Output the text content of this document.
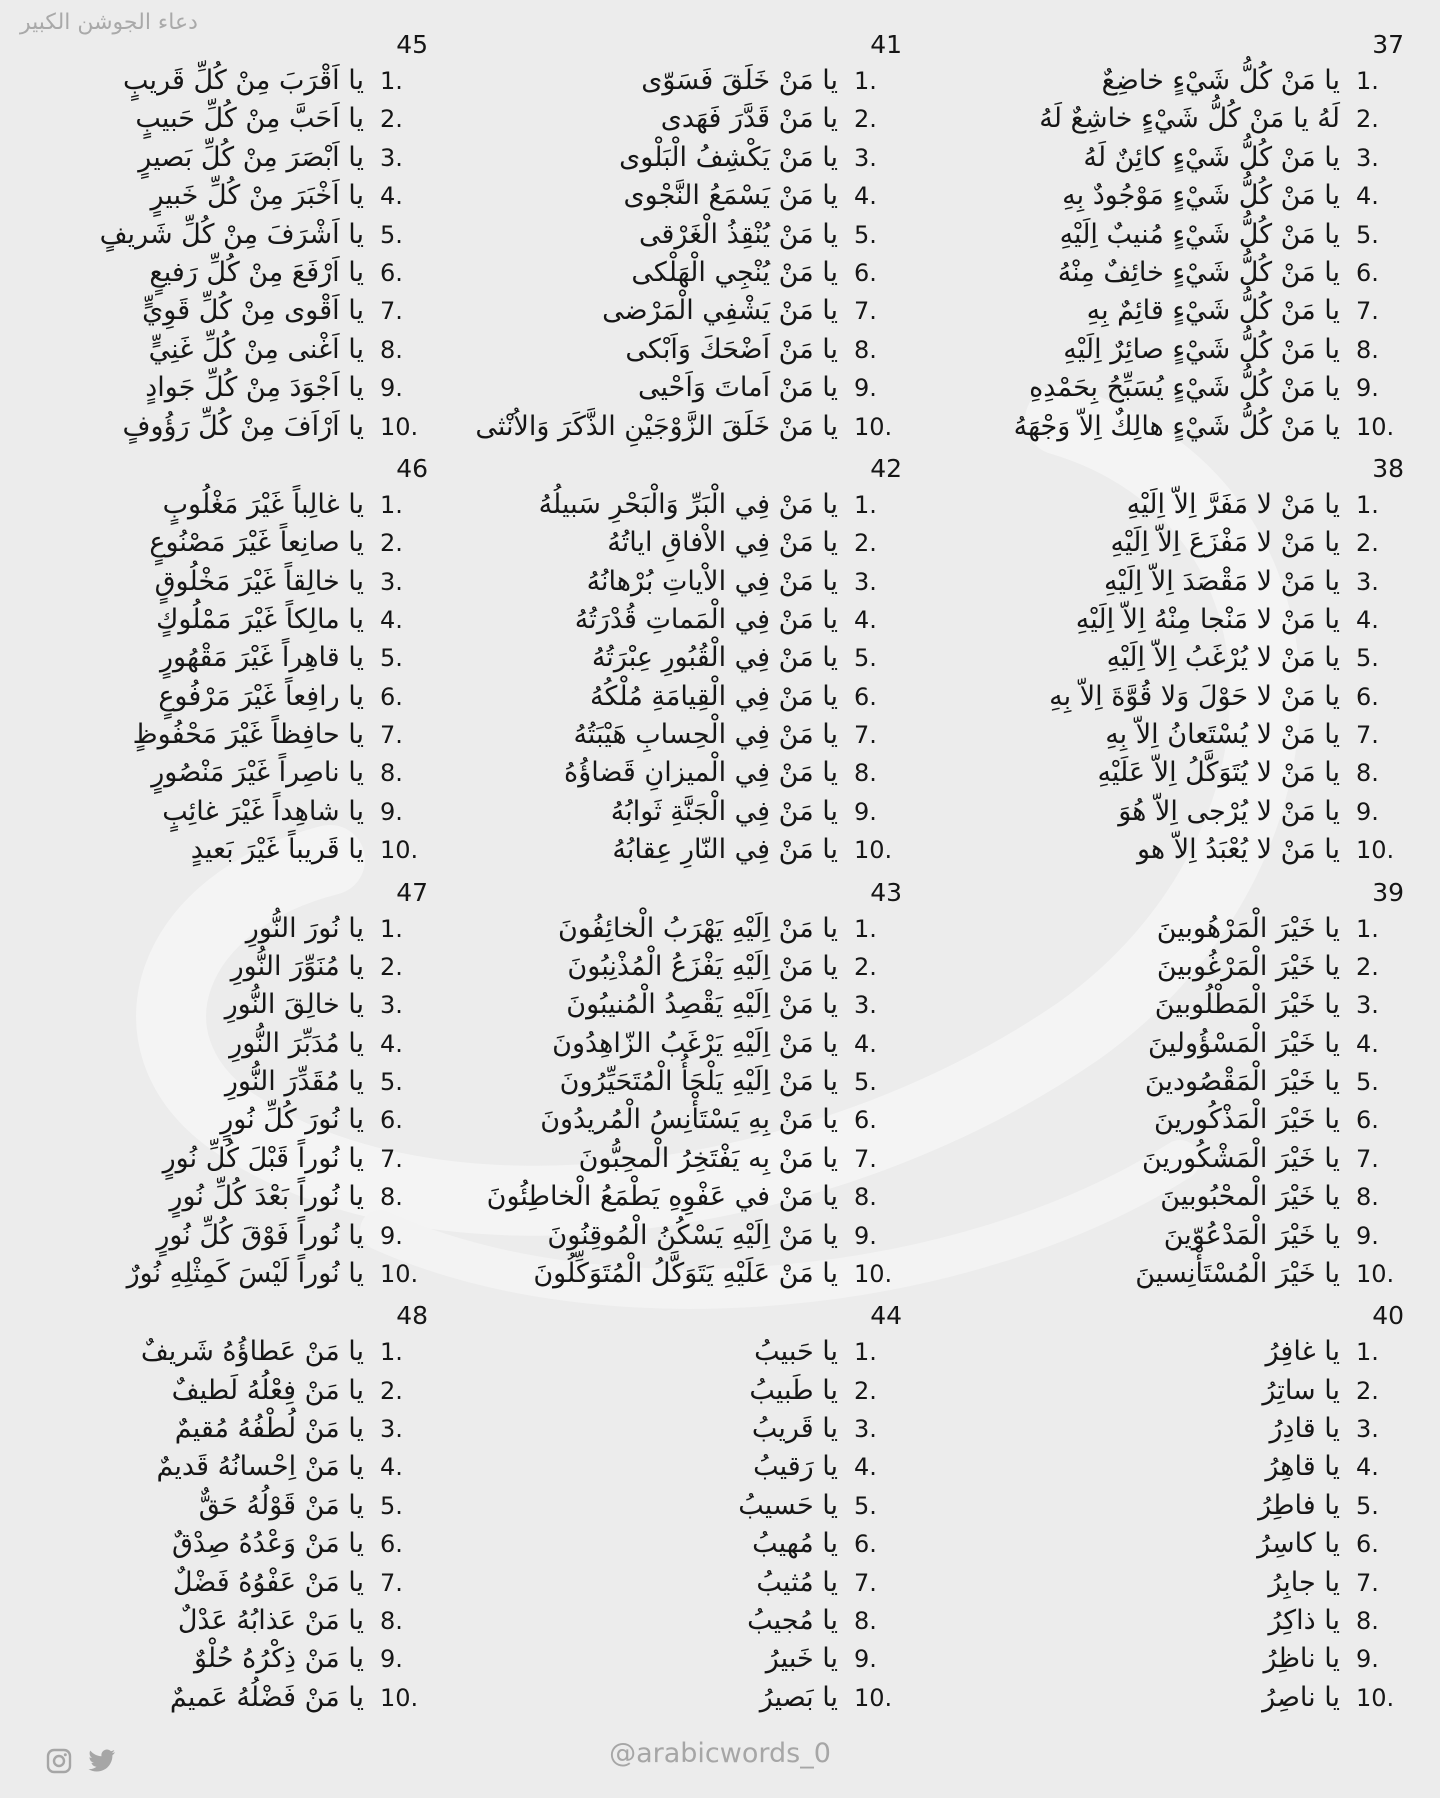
دعاء الجوشن الكبير
37
1.
يا مَنْ كُلُّ شَيْءٍ خاضِعٌ
2.
لَهُ يا مَنْ كُلُّ شَيْءٍ خاشِعٌ لَهُ
3.
يا مَنْ كُلُّ شَيْءٍ كائِنٌ لَهُ
4.
يا مَنْ كُلُّ شَيْءٍ مَوْجُودٌ بِهِ
5.
يا مَنْ كُلُّ شَيْءٍ مُنيبٌ اِلَيْهِ
6.
يا مَنْ كُلُّ شَيْءٍ خائِفٌ مِنْهُ
7.
يا مَنْ كُلُّ شَيْءٍ قائِمٌ بِهِ
8.
يا مَنْ كُلُّ شَيْءٍ صائِرٌ اِلَيْهِ
9.
يا مَنْ كُلُّ شَيْءٍ يُسَبِّحُ بِحَمْدِهِ
10.
يا مَنْ كُلُّ شَيْءٍ هالِكٌ اِلاّ وَجْهَهُ
38
1.
يا مَنْ لا مَفَرَّ اِلاّ اِلَيْهِ
2.
يا مَنْ لا مَفْزَعَ اِلاّ اِلَيْهِ
3.
يا مَنْ لا مَقْصَدَ اِلاّ اِلَيْهِ
4.
يا مَنْ لا مَنْجا مِنْهُ اِلاّ اِلَيْهِ
5.
يا مَنْ لا يُرْغَبُ اِلاّ اِلَيْهِ
6.
يا مَنْ لا حَوْلَ وَلا قُوَّةَ اِلاّ بِهِ
7.
يا مَنْ لا يُسْتَعانُ اِلاّ بِهِ
8.
يا مَنْ لا يُتَوَكَّلُ اِلاّ عَلَيْهِ
9.
يا مَنْ لا يُرْجى اِلاّ هُوَ
10.
يا مَنْ لا يُعْبَدُ اِلاّ هو
39
1.
يا خَيْرَ الْمَرْهُوبينَ
2.
يا خَيْرَ الْمَرْغُوبينَ
3.
يا خَيْرَ الْمَطْلُوبينَ
4.
يا خَيْرَ الْمَسْؤُولينَ
5.
يا خَيْرَ الْمَقْصُودينَ
6.
يا خَيْرَ الْمَذْكُورينَ
7.
يا خَيْرَ الْمَشْكُورينَ
8.
يا خَيْرَ الْمحْبُوبينَ
9.
يا خَيْرَ الْمَدْعُوّينَ
10.
يا خَيْرَ الْمُسْتَأْنِسينَ
40
1.
يا غافِرُ
2.
يا ساتِرُ
3.
يا قادِرُ
4.
يا قاهِرُ
5.
يا فاطِرُ
6.
يا كاسِرُ
7.
يا جابِرُ
8.
يا ذاكِرُ
9.
يا ناظِرُ
10.
يا ناصِرُ
41
1.
يا مَنْ خَلَقَ فَسَوّى
2.
يا مَنْ قَدَّرَ فَهَدى
3.
يا مَنْ يَكْشِفُ الْبَلْوى
4.
يا مَنْ يَسْمَعُ النَّجْوى
5.
يا مَنْ يُنْقِذُ الْغَرْقى
6.
يا مَنْ يُنْجِي الْهَلْكى
7.
يا مَنْ يَشْفِي الْمَرْضى
8.
يا مَنْ اَضْحَكَ وَاَبْكى
9.
يا مَنْ اَماتَ وَاَحْيى
10.
يا مَنْ خَلَقَ الزَّوْجَيْنِ الذَّكَرَ وَالاُنْثى
42
1.
يا مَنْ فِي الْبَرِّ وَالْبَحْرِ سَبيلُهُ
2.
يا مَنْ فِي الاْفاقِ اياتُهُ
3.
يا مَنْ فِي الاْياتِ بُرْهانُهُ
4.
يا مَنْ فِي الْمَماتِ قُدْرَتُهُ
5.
يا مَنْ فِي الْقُبُورِ عِبْرَتُهُ
6.
يا مَنْ فِي الْقِيامَةِ مُلْكُهُ
7.
يا مَنْ فِي الْحِسابِ هَيْبَتُهُ
8.
يا مَنْ فِي الْميزانِ قَضاؤُهُ
9.
يا مَنْ فِي الْجَنَّةِ ثَوابُهُ
10.
يا مَنْ فِي النّارِ عِقابُهُ
43
1.
يا مَنْ اِلَيْهِ يَهْرَبُ الْخائِفُونَ
2.
يا مَنْ اِلَيْهِ يَفْزَعُ الْمُذْنِبُونَ
3.
يا مَنْ اِلَيْهِ يَقْصِدُ الْمُنيبُونَ
4.
يا مَنْ اِلَيْهِ يَرْغَبُ الزّاهِدُونَ
5.
يا مَنْ اِلَيْهِ يَلْجَأُ الْمُتَحَيِّرُونَ
6.
يا مَنْ بِهِ يَسْتَأْنِسُ الْمُريدُونَ
7.
يا مَنْ بِه يَفْتَخِرُ الْمحِبُّونَ
8.
يا مَنْ في عَفْوِهِ يَطْمَعُ الْخاطِئُونَ
9.
يا مَنْ اِلَيْهِ يَسْكُنُ الْمُوقِنُونَ
10.
يا مَنْ عَلَيْهِ يَتَوَكَّلُ الْمُتَوَكِّلُونَ
44
1.
يا حَبيبُ
2.
يا طَبيبُ
3.
يا قَريبُ
4.
يا رَقيبُ
5.
يا حَسيبُ
6.
يا مُهيبُ
7.
يا مُثيبُ
8.
يا مُجيبُ
9.
يا خَبيرُ
10.
يا بَصيرُ
45
1.
يا اَقْرَبَ مِنْ كُلِّ قَريبٍ
2.
يا اَحَبَّ مِنْ كُلِّ حَبيبٍ
3.
يا اَبْصَرَ مِنْ كُلِّ بَصيرٍ
4.
يا اَخْبَرَ مِنْ كُلِّ خَبيرٍ
5.
يا اَشْرَفَ مِنْ كُلِّ شَريفٍ
6.
يا اَرْفَعَ مِنْ كُلِّ رَفيعٍ
7.
يا اَقْوى مِنْ كُلِّ قَوِيٍّ
8.
يا اَغْنى مِنْ كُلِّ غَنِيٍّ
9.
يا اَجْوَدَ مِنْ كُلِّ جَوادٍ
10.
يا اَرْاَفَ مِنْ كُلِّ رَؤُوفٍ
46
1.
يا غالِباً غَيْرَ مَغْلُوبٍ
2.
يا صانِعاً غَيْرَ مَصْنُوعٍ
3.
يا خالِقاً غَيْرَ مَخْلُوقٍ
4.
يا مالِكاً غَيْرَ مَمْلُوكٍ
5.
يا قاهِراً غَيْرَ مَقْهُورٍ
6.
يا رافِعاً غَيْرَ مَرْفُوعٍ
7.
يا حافِظاً غَيْرَ مَحْفُوظٍ
8.
يا ناصِراً غَيْرَ مَنْصُورٍ
9.
يا شاهِداً غَيْرَ غائِبٍ
10.
يا قَريباً غَيْرَ بَعيدٍ
47
1.
يا نُورَ النُّورِ
2.
يا مُنَوِّرَ النُّورِ
3.
يا خالِقَ النُّورِ
4.
يا مُدَبِّرَ النُّورِ
5.
يا مُقَدِّرَ النُّورِ
6.
يا نُورَ كُلِّ نُورٍ
7.
يا نُوراً قَبْلَ كُلِّ نُورٍ
8.
يا نُوراً بَعْدَ كُلِّ نُورٍ
9.
يا نُوراً فَوْقَ كُلِّ نُورٍ
10.
يا نُوراً لَيْسَ كَمِثْلِهِ نُورٌ
48
1.
يا مَنْ عَطاؤُهُ شَريفٌ
2.
يا مَنْ فِعْلُهُ لَطيفٌ
3.
يا مَنْ لُطْفُهُ مُقيمٌ
4.
يا مَنْ اِحْسانُهُ قَديمٌ
5.
يا مَنْ قَوْلُهُ حَقٌّ
6.
يا مَنْ وَعْدُهُ صِدْقٌ
7.
يا مَنْ عَفْوُهُ فَضْلٌ
8.
يا مَنْ عَذابُهُ عَدْلٌ
9.
يا مَنْ ذِكْرُهُ حُلْوٌ
10.
يا مَنْ فَضْلُهُ عَميمٌ
@arabicwords_0
